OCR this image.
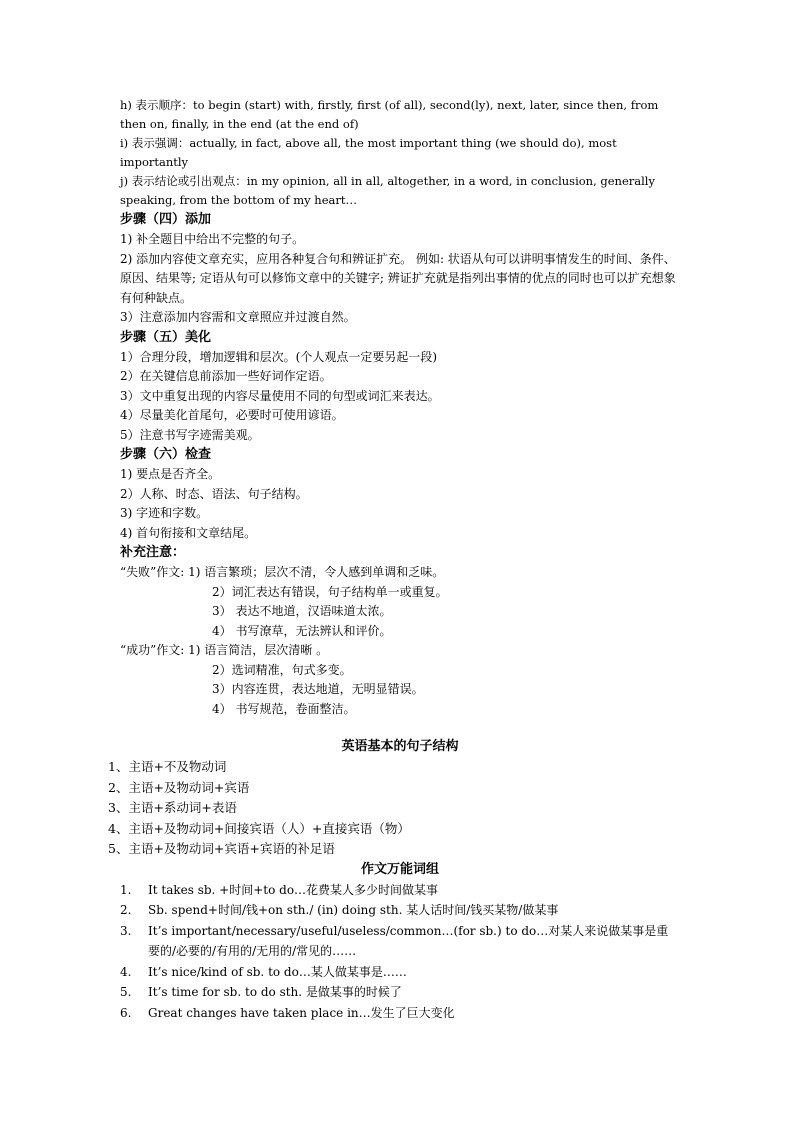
h) 表示顺序：to begin (start) with, firstly, first (of all), second(ly), next, later, since then, from then on, finally, in the end (at the end of)

i) 表示强调：actually, in fact, above all, the most important thing (we should do), most importantly

j) 表示结论或引出观点：in my opinion, all in all, altogether, in a word, in conclusion, generally speaking, from the bottom of my heart…

步骤（四）添加

1) 补全题目中给出不完整的句子。

2) 添加内容使文章充实，应用各种复合句和辨证扩充。 例如: 状语从句可以讲明事情发生的时间、条件、原因、结果等; 定语从句可以修饰文章中的关键字; 辨证扩充就是指列出事情的优点的同时也可以扩充想象有何种缺点。

3）注意添加内容需和文章照应并过渡自然。

步骤（五）美化

1）合理分段，增加逻辑和层次。(个人观点一定要另起一段)

2）在关键信息前添加一些好词作定语。

3）文中重复出现的内容尽量使用不同的句型或词汇来表达。

4）尽量美化首尾句，必要时可使用谚语。

5）注意书写字迹需美观。

步骤（六）检查

1) 要点是否齐全。

2）人称、时态、语法、句子结构。

3) 字迹和字数。

4) 首句衔接和文章结尾。

补充注意：

“失败”作文: 1) 语言繁琐；层次不清，令人感到单调和乏味。

2）词汇表达有错误，句子结构单一或重复。

3） 表达不地道，汉语味道太浓。

4） 书写潦草，无法辨认和评价。

“成功”作文: 1) 语言简洁，层次清晰 。

2）选词精准，句式多变。

3）内容连贯，表达地道，无明显错误。

4） 书写规范，卷面整洁。

英语基本的句子结构

1、主语+不及物动词

2、主语+及物动词+宾语

3、主语+系动词+表语

4、主语+及物动词+间接宾语（人）+直接宾语（物）

5、主语+及物动词+宾语+宾语的补足语

作文万能词组

1.	It takes sb. +时间+to do…花费某人多少时间做某事
2.	Sb. spend+时间/钱+on sth./ (in) doing sth. 某人话时间/钱买某物/做某事
3.	It’s important/necessary/useful/useless/common…(for sb.) to do…对某人来说做某事是重要的/必要的/有用的/无用的/常见的……
4.	It’s nice/kind of sb. to do…某人做某事是……
5.	It’s time for sb. to do sth. 是做某事的时候了
6.	Great changes have taken place in…发生了巨大变化
